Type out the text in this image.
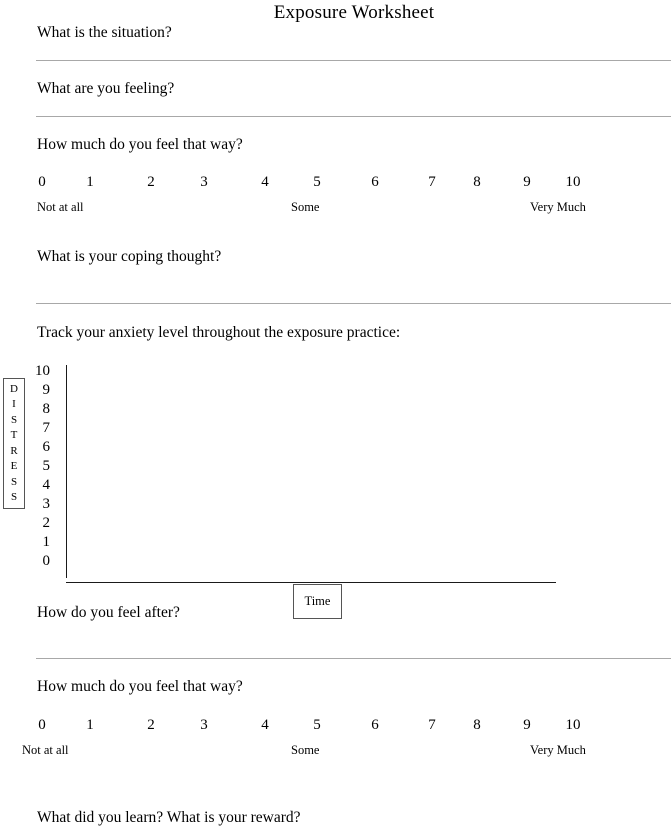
Exposure Worksheet
What is the situation?
What are you feeling?
How much do you feel that way?
0	1	2	3	4	5	6	7	8	9 10
Not at all	Some	Very Much
What is your coping thought?
Track your anxiety level throughout the exposure practice:
D
I
S
T
R
E
S
S
10
9
8
7
6
5
4
3
2
1
0
Time
How do you feel after?
How much do you feel that way?
0	1	2	3	4	5	6	7	8	9 10
Not at all	Some	Very Much
What did you learn? What is your reward?
